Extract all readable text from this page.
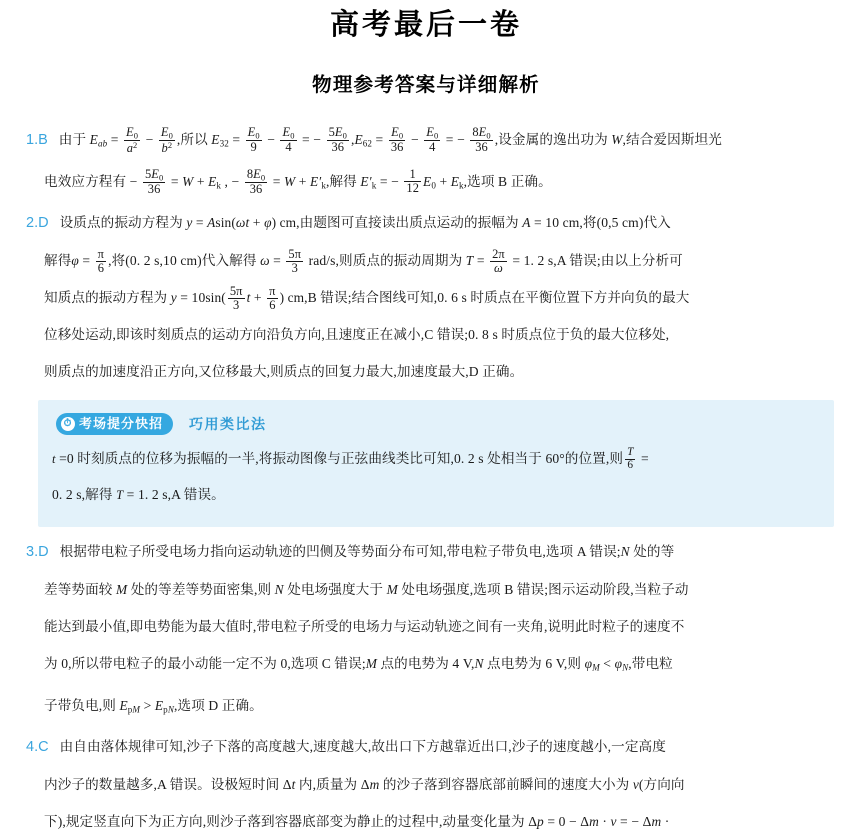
高考最后一卷
物理参考答案与详细解析
1.B 由于 $E_{ab} = \frac{E_0}{a^2} - \frac{E_0}{b^2}$ ,所以 $E_{32} = \frac{E_0}{9} - \frac{E_0}{4}$ = − $\frac{5E_0}{36} ,E_{62} = \frac{E_0}{36} - \frac{E_0}{4}$ = − $\frac{8E_0}{36}$ ,设金属的逸出功为 W,结合爱因斯坦光
电效应方程有 − $\frac{5E_0}{36} = W + E_k$ , − $\frac{8E_0}{36} = W + E'_k$,解得 $E'_k$ = − $\frac{1}{12} E_0 + E_k$,选项 B 正确。
2.D 设质点的振动方程为 y = Asin(ωt + φ) cm,由题图可直接读出质点运动的振幅为 A = 10 cm,将(0,5 cm)代入
解得$\varphi = \frac{\pi}{6}$ ,将(0. 2 s,10 cm)代入解得 $\omega = \frac{5\pi}{3} rad/s$,则质点的振动周期为 $T = \frac{2\pi}{\omega} = 1$. 2 s,A 错误;由以上分析可
知质点的振动方程为 $y = 10\sin( \frac{5\pi}{3}$ $t + \frac{\pi}{6}$ ) cm,B 错误;结合图线可知,0. 6 s 时质点在平衡位置下方并向负的最大
位移处运动,即该时刻质点的运动方向沿负方向,且速度正在减小,C 错误;0. 8 s 时质点位于负的最大位移处,
则质点的加速度沿正方向,又位移最大,则质点的回复力最大,加速度最大,D 正确。
⏱ 考场提分快招 巧用类比法
t =0 时刻质点的位移为振幅的一半,将振动图像与正弦曲线类比可知,0. 2 s 处相当于 60°的位置,则 $\frac{T}{6}$ =
0. 2 s,解得 T = 1. 2 s,A 错误。
3.D 根据带电粒子所受电场力指向运动轨迹的凹侧及等势面分布可知,带电粒子带负电,选项 A 错误;N 处的等
差等势面较 M 处的等差等势面密集,则 N 处电场强度大于 M 处电场强度,选项 B 错误;图示运动阶段,当粒子动
能达到最小值,即电势能为最大值时,带电粒子所受的电场力与运动轨迹之间有一夹角,说明此时粒子的速度不
为 0,所以带电粒子的最小动能一定不为 0,选项 C 错误;M 点的电势为 4 V,N 点电势为 6 V,则 $\varphi_M < \varphi_N$,带电粒
子带负电,则 $E_{pM} > E_{pN}$,选项 D 正确。
4.C 由自由落体规律可知,沙子下落的高度越大,速度越大,故出口下方越靠近出口,沙子的速度越小,一定高度
内沙子的数量越多,A 错误。设极短时间 Δt 内,质量为 Δm 的沙子落到容器底部前瞬间的速度大小为 v(方向向
下),规定竖直向下为正方向,则沙子落到容器底部变为静止的过程中,动量变化量为 Δp = 0 − Δm · v = − Δm ·
